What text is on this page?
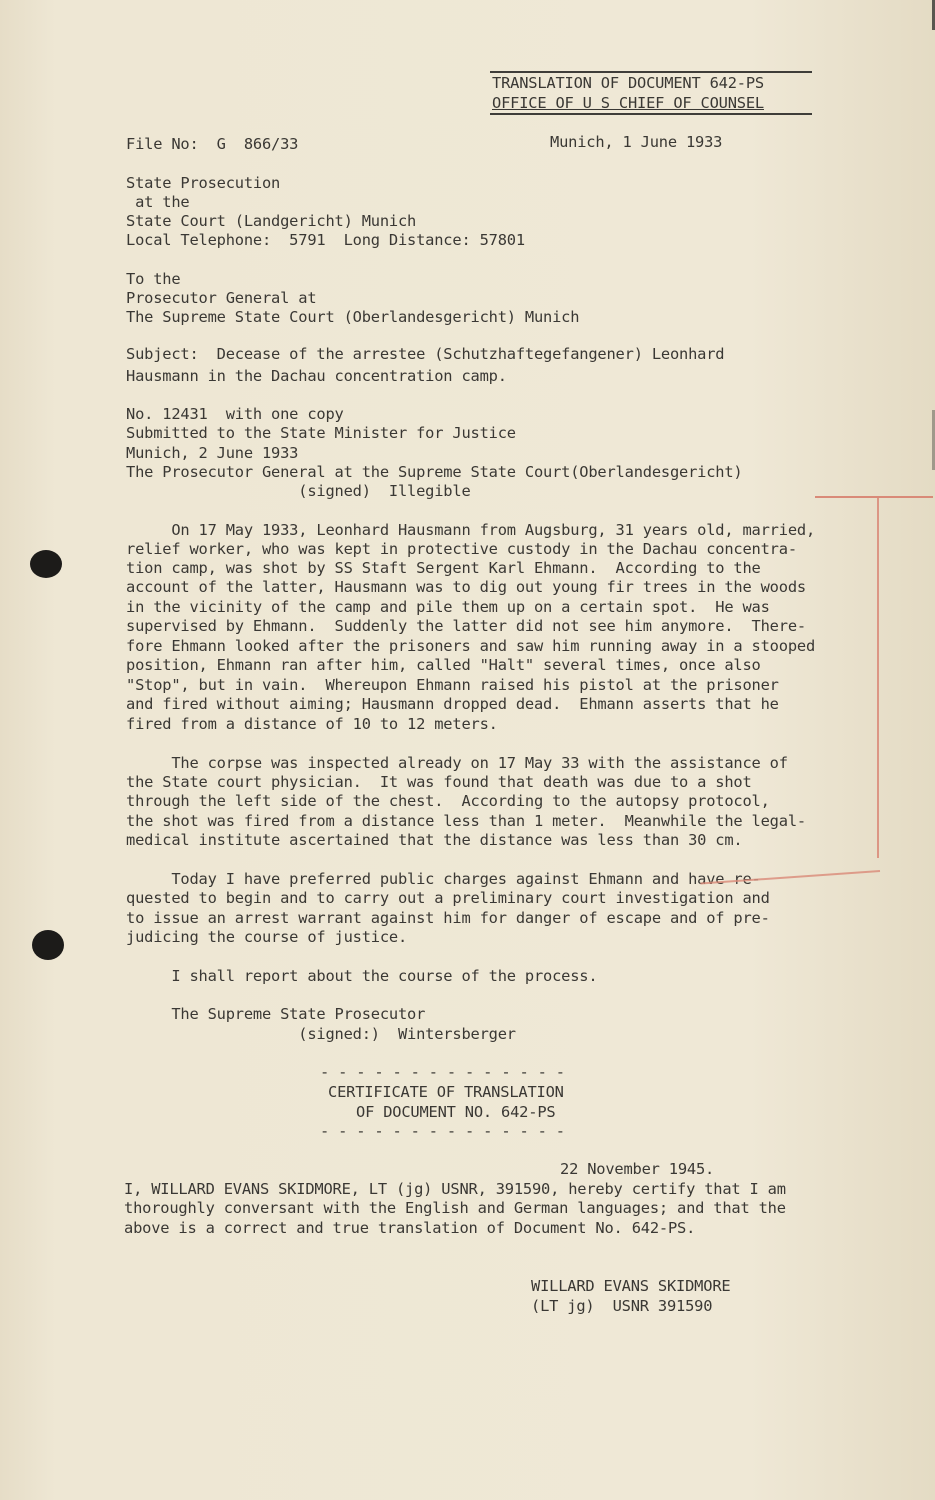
TRANSLATION OF DOCUMENT 642-PS
OFFICE OF U S CHIEF OF COUNSEL
File No:  G  866/33	Munich, 1 June 1933
State Prosecution
at the
State Court (Landgericht) Munich
Local Telephone:  5791  Long Distance: 57801
To the
Prosecutor General at
The Supreme State Court (Oberlandesgericht) Munich
Subject:  Decease of the arrestee (Schutzhaftegefangener) Leonhard
Hausmann in the Dachau concentration camp.
No. 12431  with one copy
Submitted to the State Minister for Justice
Munich, 2 June 1933
The Prosecutor General at the Supreme State Court(Oberlandesgericht)
(signed)  Illegible
On 17 May 1933, Leonhard Hausmann from Augsburg, 31 years old, married,
relief worker, who was kept in protective custody in the Dachau concentra-
tion camp, was shot by SS Staft Sergent Karl Ehmann.  According to the
account of the latter, Hausmann was to dig out young fir trees in the woods
in the vicinity of the camp and pile them up on a certain spot.  He was
supervised by Ehmann.  Suddenly the latter did not see him anymore.  There-
fore Ehmann looked after the prisoners and saw him running away in a stooped
position, Ehmann ran after him, called "Halt" several times, once also
"Stop", but in vain.  Whereupon Ehmann raised his pistol at the prisoner
and fired without aiming; Hausmann dropped dead.  Ehmann asserts that he
fired from a distance of 10 to 12 meters.
The corpse was inspected already on 17 May 33 with the assistance of
the State court physician.  It was found that death was due to a shot
through the left side of the chest.  According to the autopsy protocol,
the shot was fired from a distance less than 1 meter.  Meanwhile the legal-
medical institute ascertained that the distance was less than 30 cm.
Today I have preferred public charges against Ehmann and have re-
quested to begin and to carry out a preliminary court investigation and
to issue an arrest warrant against him for danger of escape and of pre-
judicing the course of justice.
I shall report about the course of the process.
The Supreme State Prosecutor
(signed:)  Wintersberger
- - - - - - - - - - - - - -
CERTIFICATE OF TRANSLATION
OF DOCUMENT NO. 642-PS
- - - - - - - - - - - - - -
22 November 1945.
I, WILLARD EVANS SKIDMORE, LT (jg) USNR, 391590, hereby certify that I am
thoroughly conversant with the English and German languages; and that the
above is a correct and true translation of Document No. 642-PS.
WILLARD EVANS SKIDMORE
(LT jg)  USNR 391590
